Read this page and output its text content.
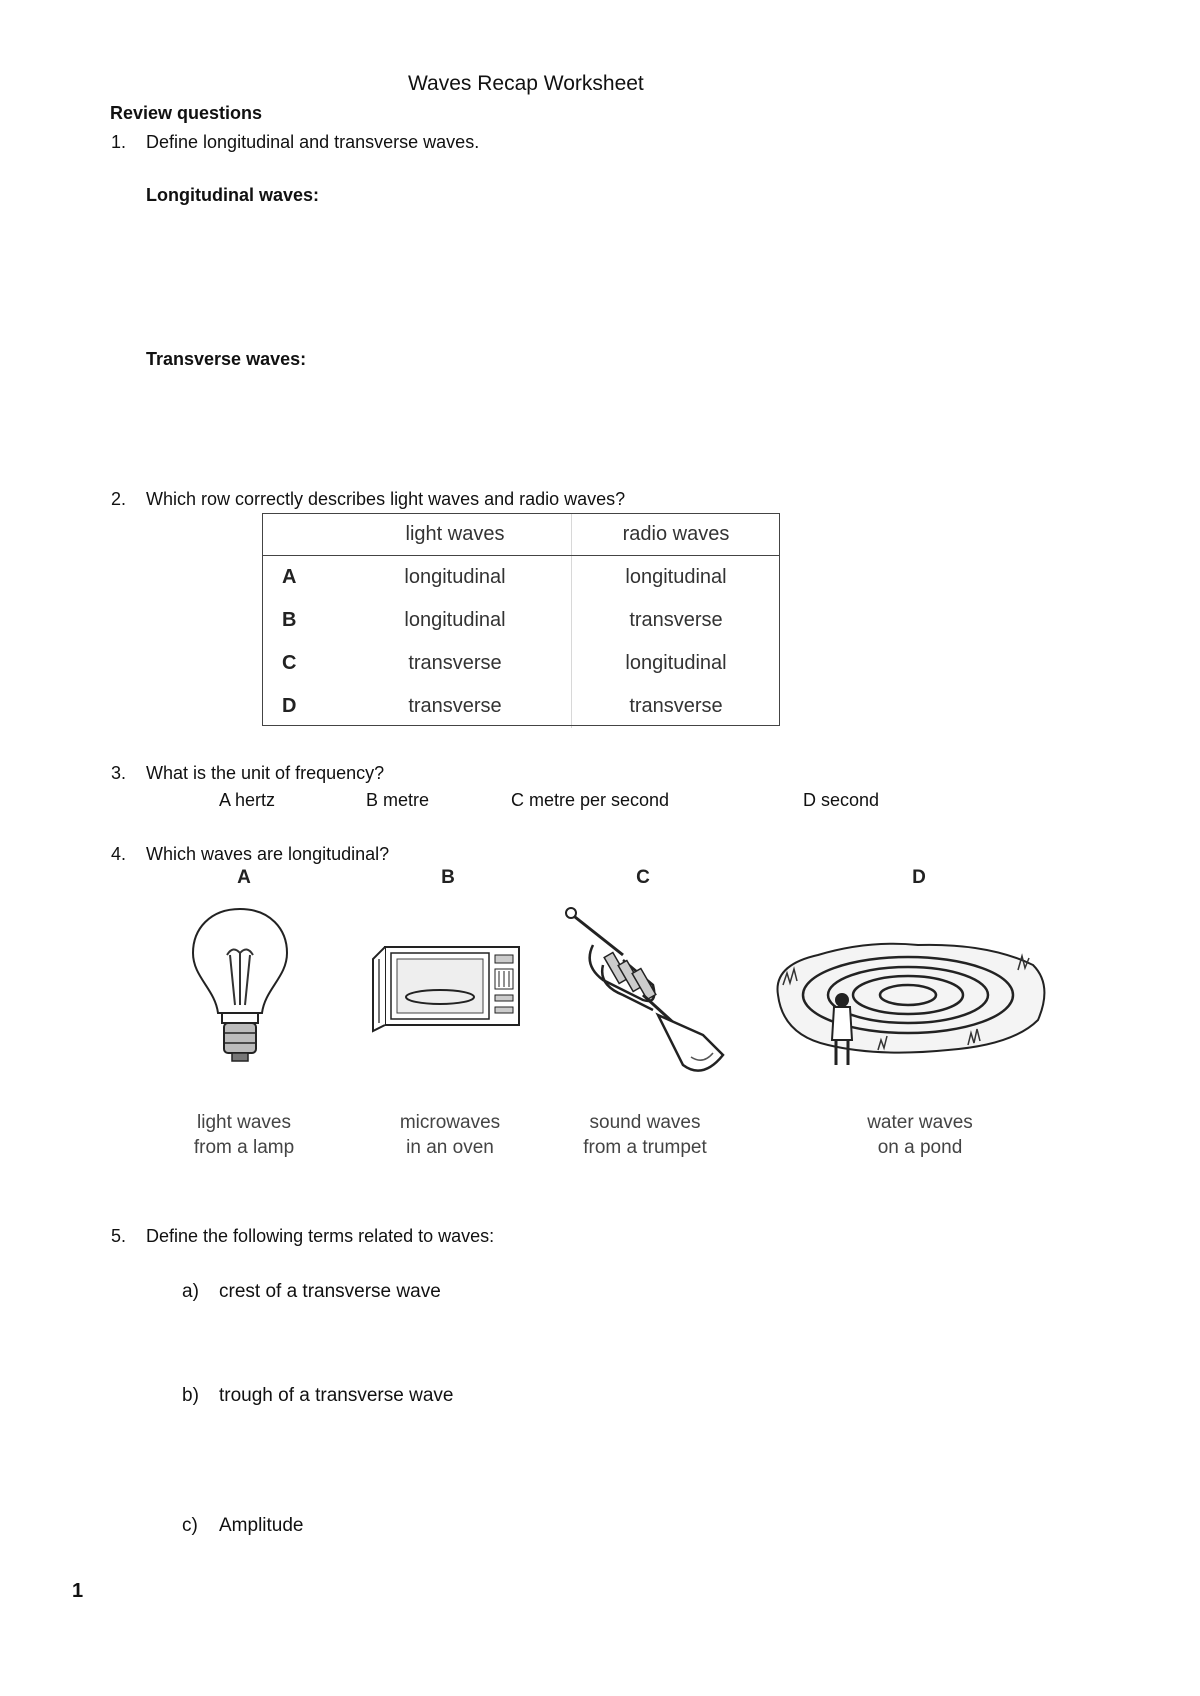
Waves Recap Worksheet
Review questions
1. Define longitudinal and transverse waves.
Longitudinal waves:
Transverse waves:
2. Which row correctly describes light waves and radio waves?
	light waves	radio waves
A	longitudinal	longitudinal
B	longitudinal	transverse
C	transverse	longitudinal
D	transverse	transverse
3. What is the unit of frequency?
A hertz	B metre	C metre per second	D second
4. Which waves are longitudinal?
A	B	C	D
light waves
from a lamp
microwaves
in an oven
sound waves
from a trumpet
water waves
on a pond
5. Define the following terms related to waves:
a) crest of a transverse wave
b) trough of a transverse wave
c) Amplitude
1
